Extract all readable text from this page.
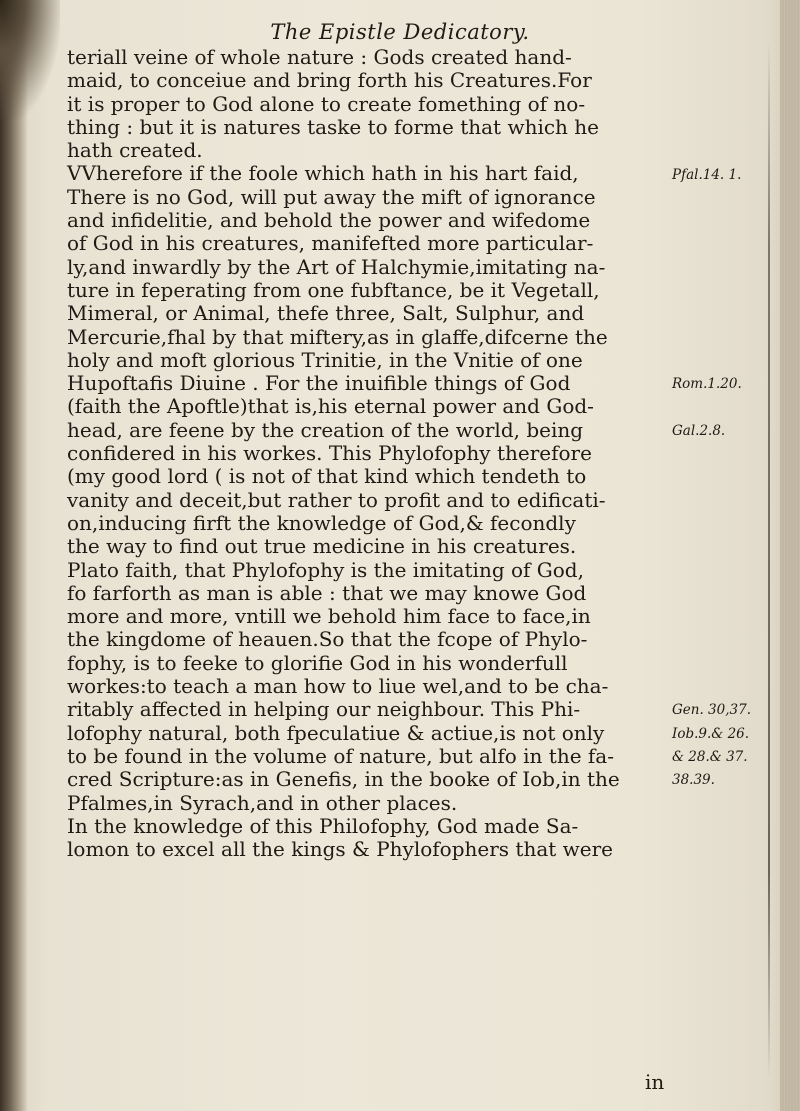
The Epistle Dedicatory.
teriall veine of whole nature : Gods created hand-
maid, to conceiue and bring forth his Creatures.For
it is proper to God alone to create fomething of no-
thing : but it is natures taske to forme that which he
hath created.
VVherefore if the foole which hath in his hart faid,
There is no God, will put away the mift of ignorance
and infidelitie, and behold the power and wifedome
of God in his creatures, manifefted more particular-
ly,and inwardly by the Art of Halchymie,imitating na-
ture in feperating from one fubftance, be it Vegetall,
Mimeral, or Animal, thefe three, Salt, Sulphur, and
Mercurie,fhal by that miftery,as in glaffe,difcerne the
holy and moft glorious Trinitie, in the Vnitie of one
Hupoftafis Diuine . For the inuifible things of God
(faith the Apoftle)that is,his eternal power and God-
head, are feene by the creation of the world, being
confidered in his workes. This Phylofophy therefore
(my good lord ( is not of that kind which tendeth to
vanity and deceit,but rather to profit and to edificati-
on,inducing firft the knowledge of God,& fecondly
the way to find out true medicine in his creatures.
Plato faith, that Phylofophy is the imitating of God,
fo farforth as man is able : that we may knowe God
more and more, vntill we behold him face to face,in
the kingdome of heauen.So that the fcope of Phylo-
fophy, is to feeke to glorifie God in his wonderfull
workes:to teach a man how to liue wel,and to be cha-
ritably affected in helping our neighbour. This Phi-
lofophy natural, both fpeculatiue & actiue,is not only
to be found in the volume of nature, but alfo in the fa-
cred Scripture:as in Genefis, in the booke of Iob,in the
Pfalmes,in Syrach,and in other places.
In the knowledge of this Philofophy, God made Sa-
lomon to excel all the kings & Phylofophers that were
Pfal.14. 1.
Rom.1.20.
Gal.2.8.
Gen. 30,37.
Iob.9.& 26.
& 28.& 37.
38.39.
in
